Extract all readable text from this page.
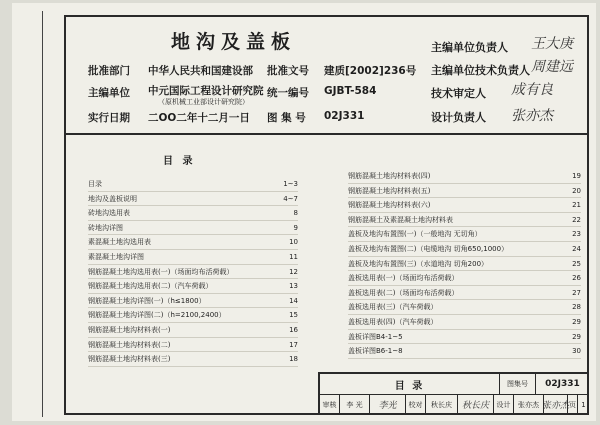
地沟及盖板
批准部门 中华人民共和国建设部 批准文号 建质[2002]236号
主编单位 中元国际工程设计研究院
（原机械工业部设计研究院）
统一编号 GJBT-584
实行日期 二OO二年十二月一日 图 集 号 02J331
主编单位负责人 王大庚
主编单位技术负责人 周建远
技术审定人 成有良
设计负责人 张亦杰
目 录
目录	1~3
地沟及盖板说明	4~7
砖地沟选用表	8
砖地沟详图	9
素混凝土地沟选用表	10
素混凝土地沟详图	11
钢筋混凝土地沟选用表(一)（场面均布活荷载）	12
钢筋混凝土地沟选用表(二)（汽车荷载）	13
钢筋混凝土地沟详图(一)（h≤1800）	14
钢筋混凝土地沟详图(二)（h=2100,2400）	15
钢筋混凝土地沟材料表(一)	16
钢筋混凝土地沟材料表(二)	17
钢筋混凝土地沟材料表(三)	18
钢筋混凝土地沟材料表(四)	19
钢筋混凝土地沟材料表(五)	20
钢筋混凝土地沟材料表(六)	21
钢筋混凝土及素混凝土地沟材料表	22
盖板及地沟布置图(一)（一般地沟 无切角）	23
盖板及地沟布置图(二)（电缆地沟 切角650,1000）	24
盖板及地沟布置图(三)（水道地沟 切角200）	25
盖板选用表(一)（场面均布活荷载）	26
盖板选用表(二)（场面均布活荷载）	27
盖板选用表(三)（汽车荷载）	28
盖板选用表(四)（汽车荷载）	29
盖板详图B4-1~5	29
盖板详图B6-1~8	30
目 录	图集号	02J331
审核	李 光	李光	校对	秋长庆	秋长庆	设计	张亦杰 张亦杰 页 1
